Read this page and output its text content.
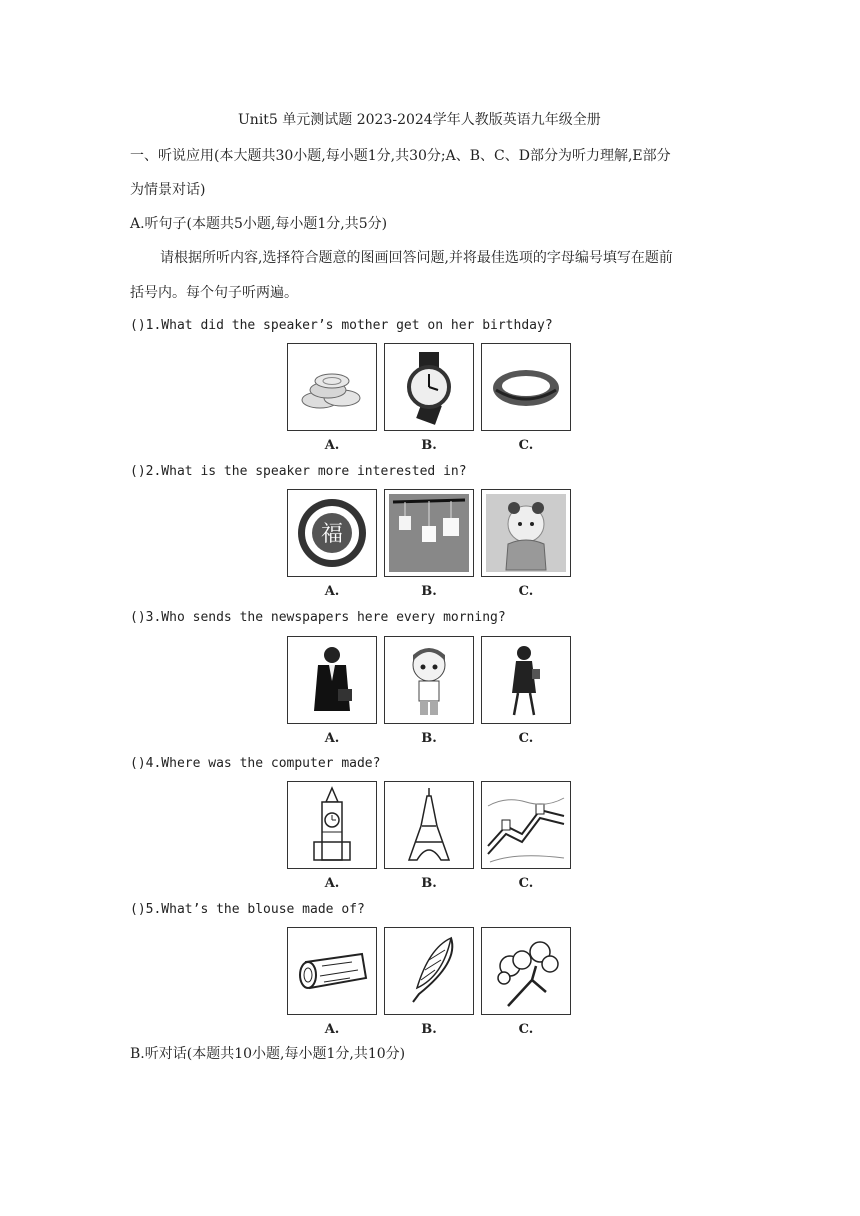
Unit5 单元测试题 2023-2024学年人教版英语九年级全册
一、听说应用(本大题共30小题,每小题1分,共30分;A、B、C、D部分为听力理解,E部分
为情景对话)
A.听句子(本题共5小题,每小题1分,共5分)
请根据所听内容,选择符合题意的图画回答问题,并将最佳选项的字母编号填写在题前
括号内。每个句子听两遍。
()1.What did the speaker’s mother get on her birthday?
A.	B.	C.
()2.What is the speaker more interested in?
福
A.	B.	C.
()3.Who sends the newspapers here every morning?
A.	B.	C.
()4.Where was the computer made?
A.	B.	C.
()5.What’s the blouse made of?
A.	B.	C.
B.听对话(本题共10小题,每小题1分,共10分)
